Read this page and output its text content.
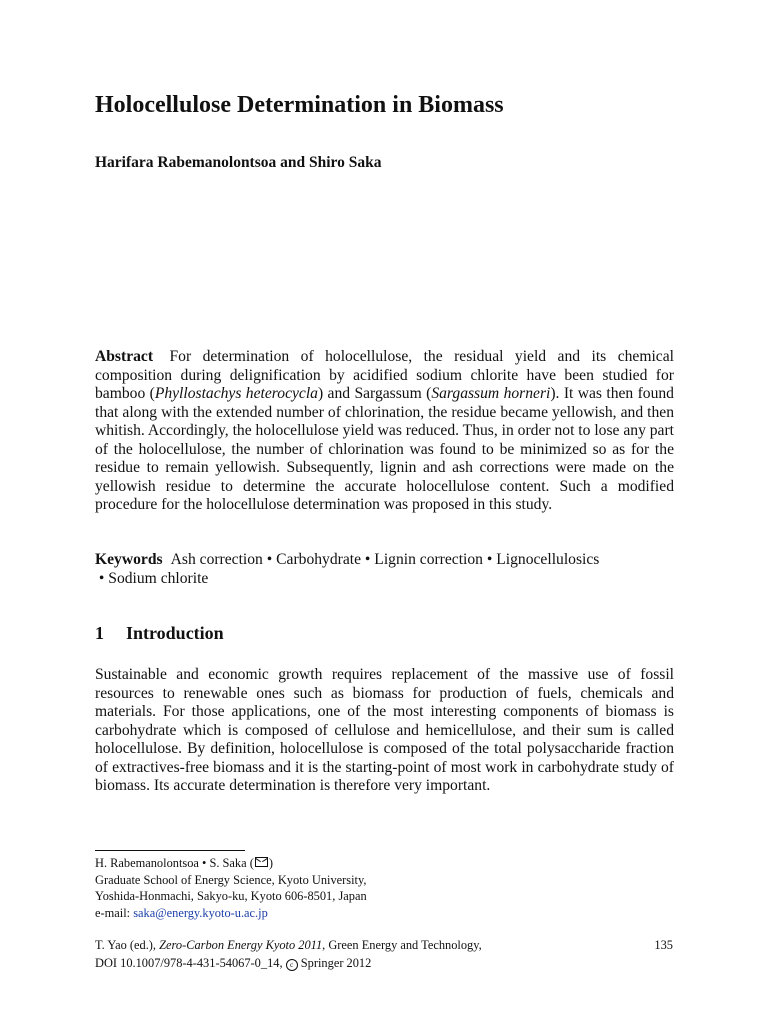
Holocellulose Determination in Biomass
Harifara Rabemanolontsoa and Shiro Saka

Abstract For determination of holocellulose, the residual yield and its chemical composition during delignification by acidified sodium chlorite have been studied for bamboo (Phyllostachys heterocycla) and Sargassum (Sargassum horneri). It was then found that along with the extended number of chlorination, the residue became yellowish, and then whitish. Accordingly, the holocellulose yield was reduced. Thus, in order not to lose any part of the holocellulose, the number of chlorination was found to be minimized so as for the residue to remain yellowish. Subsequently, lignin and ash corrections were made on the yellowish residue to determine the accurate holocellulose content. Such a modified procedure for the holocellulose determination was proposed in this study.

Keywords Ash correction • Carbohydrate • Lignin correction • Lignocellulosics
• Sodium chlorite

1 Introduction

Sustainable and economic growth requires replacement of the massive use of fossil resources to renewable ones such as biomass for production of fuels, chemicals and materials. For those applications, one of the most interesting components of biomass is carbohydrate which is composed of cellulose and hemicellulose, and their sum is called holocellulose. By definition, holocellulose is composed of the total polysaccharide fraction of extractives-free biomass and it is the starting-point of most work in carbohydrate study of biomass. Its accurate determination is therefore very important.

H. Rabemanolontsoa • S. Saka ( )
Graduate School of Energy Science, Kyoto University,
Yoshida-Honmachi, Sakyo-ku, Kyoto 606-8501, Japan
e-mail: saka@energy.kyoto-u.ac.jp
T. Yao (ed.), Zero-Carbon Energy Kyoto 2011, Green Energy and Technology,
DOI 10.1007/978-4-431-54067-0_14, c Springer 2012
135
